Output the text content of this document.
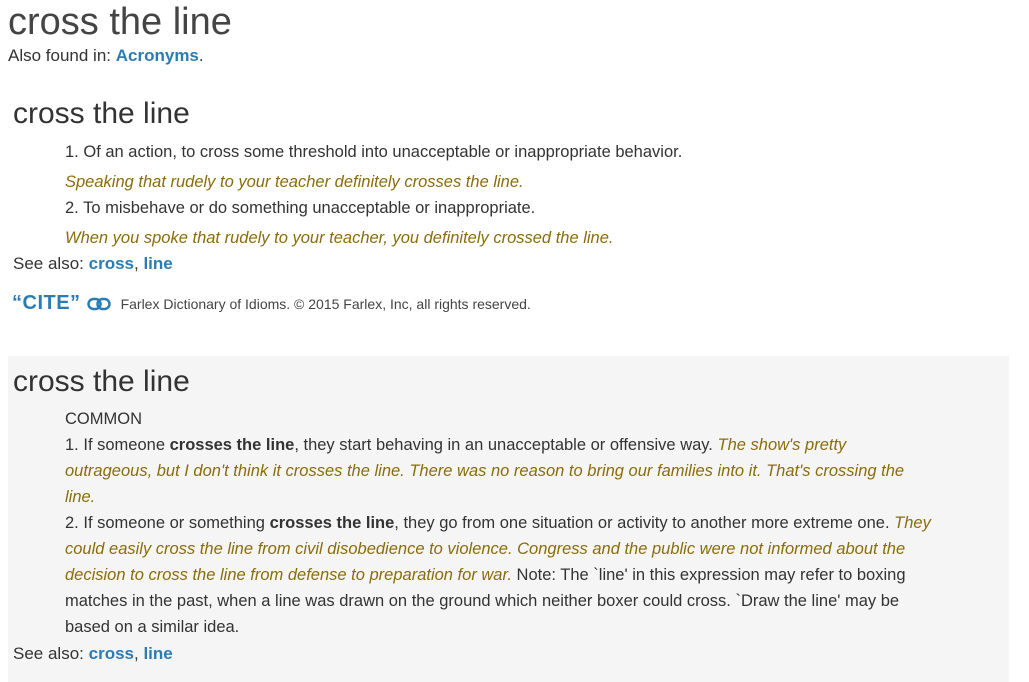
cross the line
Also found in: Acronyms.
cross the line
1. Of an action, to cross some threshold into unacceptable or inappropriate behavior.
Speaking that rudely to your teacher definitely crosses the line.
2. To misbehave or do something unacceptable or inappropriate.
When you spoke that rudely to your teacher, you definitely crossed the line.
See also: cross, line
“CITE”	Farlex Dictionary of Idioms. © 2015 Farlex, Inc, all rights reserved.
cross the line
COMMON
1. If someone crosses the line, they start behaving in an unacceptable or offensive way. The show's pretty
outrageous, but I don't think it crosses the line. There was no reason to bring our families into it. That's crossing the
line.
2. If someone or something crosses the line, they go from one situation or activity to another more extreme one. They
could easily cross the line from civil disobedience to violence. Congress and the public were not informed about the
decision to cross the line from defense to preparation for war. Note: The `line' in this expression may refer to boxing
matches in the past, when a line was drawn on the ground which neither boxer could cross. `Draw the line' may be
based on a similar idea.
See also: cross, line
